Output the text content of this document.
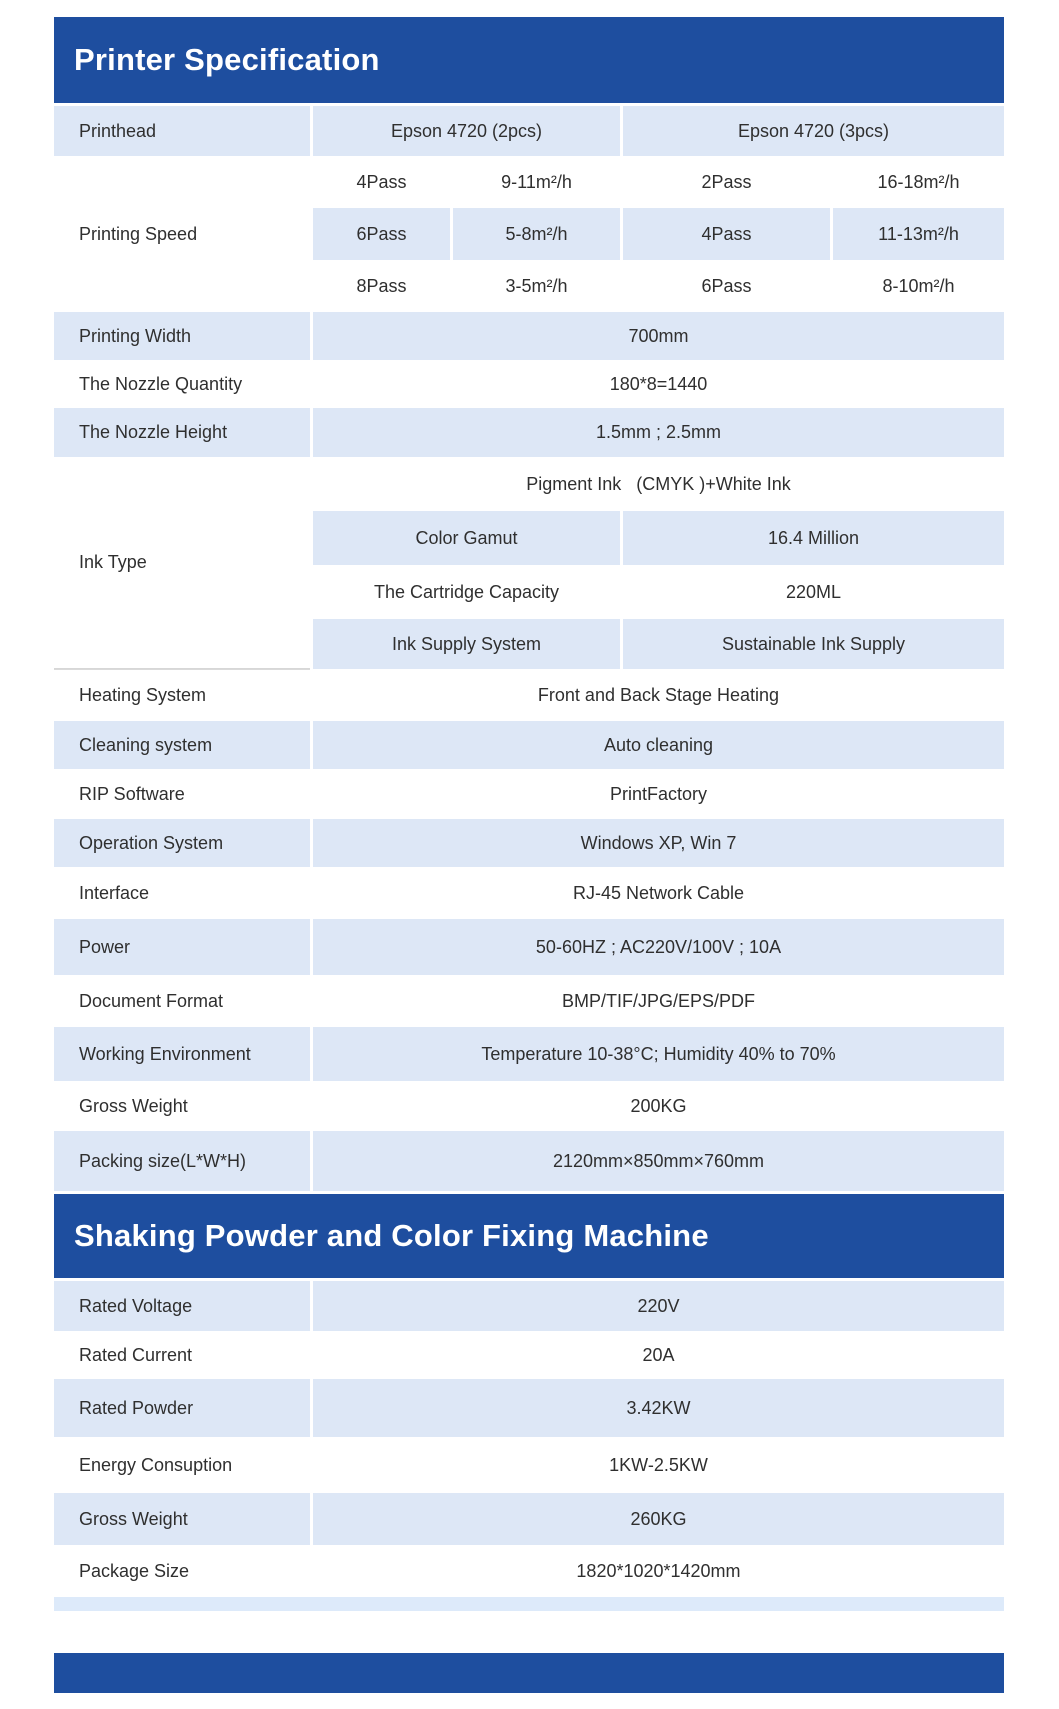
Printer Specification
Printhead	Epson 4720 (2pcs)	Epson 4720 (3pcs)
Printing Speed
4Pass	9-11m²/h	2Pass	16-18m²/h
6Pass	5-8m²/h	4Pass	11-13m²/h
8Pass	3-5m²/h	6Pass	8-10m²/h
Printing Width	700mm
The Nozzle Quantity	180*8=1440
The Nozzle Height	1.5mm ; 2.5mm
Ink Type
Pigment Ink   (CMYK )+White Ink
Color Gamut	16.4 Million
The Cartridge Capacity	220ML
Ink Supply System	Sustainable Ink Supply
Heating System	Front and Back Stage Heating
Cleaning system	Auto cleaning
RIP Software	PrintFactory
Operation System	Windows XP, Win 7
Interface	RJ-45 Network Cable
Power	50-60HZ ; AC220V/100V ; 10A
Document Format	BMP/TIF/JPG/EPS/PDF
Working Environment	Temperature 10-38°C; Humidity 40% to 70%
Gross Weight	200KG
Packing size(L*W*H)	2120mm×850mm×760mm
Shaking Powder and Color Fixing Machine
Rated Voltage	220V
Rated Current	20A
Rated Powder	3.42KW
Energy Consuption	1KW-2.5KW
Gross Weight	260KG
Package Size	1820*1020*1420mm
